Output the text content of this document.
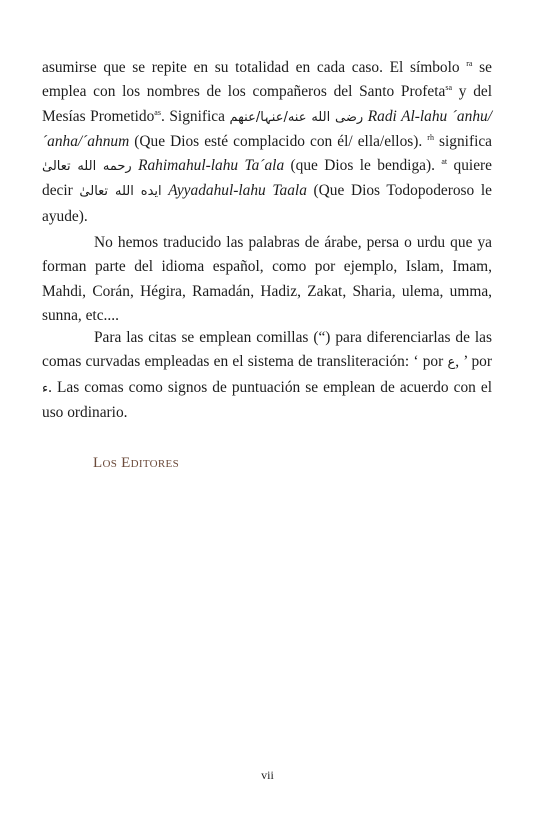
asumirse que se repite en su totalidad en cada caso. El símbolo $^{ra}$ se emplea con los nombres de los compañeros del Santo Profeta$^{sa}$ y del Mesías Prometido$^{as}$. Significa رضی الله عنه/عنہا/عنهم Radi Al-lahu ´anhu/´anha/´ahnum (Que Dios esté complacido con él/ ella/ellos). $^{rh}$ significa رحمه الله تعالىٰ Rahimahul-lahu Ta´ala (que Dios le bendiga). $^{at}$ quiere decir ایده الله تعالیٰ Ayyadahul-lahu Taala (Que Dios Todopoderoso le ayude).

No hemos traducido las palabras de árabe, persa o urdu que ya forman parte del idioma español, como por ejemplo, Islam, Imam, Mahdi, Corán, Hégira, Ramadán, Hadiz, Zakat, Sharia, ulema, umma, sunna, etc....

Para las citas se emplean comillas (“) para diferenciarlas de las comas curvadas empleadas en el sistema de transliteración: ‘ por ع, ’ por ء. Las comas como signos de puntuación se emplean de acuerdo con el uso ordinario.

Los Editores

vii
